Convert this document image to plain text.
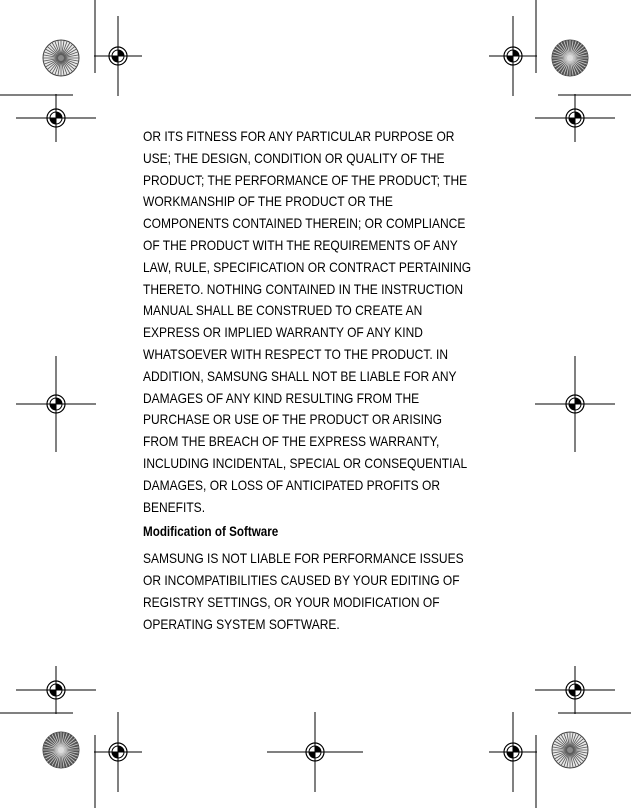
OR ITS FITNESS FOR ANY PARTICULAR PURPOSE OR
USE; THE DESIGN, CONDITION OR QUALITY OF THE
PRODUCT; THE PERFORMANCE OF THE PRODUCT; THE
WORKMANSHIP OF THE PRODUCT OR THE
COMPONENTS CONTAINED THEREIN; OR COMPLIANCE
OF THE PRODUCT WITH THE REQUIREMENTS OF ANY
LAW, RULE, SPECIFICATION OR CONTRACT PERTAINING
THERETO. NOTHING CONTAINED IN THE INSTRUCTION
MANUAL SHALL BE CONSTRUED TO CREATE AN
EXPRESS OR IMPLIED WARRANTY OF ANY KIND
WHATSOEVER WITH RESPECT TO THE PRODUCT. IN
ADDITION, SAMSUNG SHALL NOT BE LIABLE FOR ANY
DAMAGES OF ANY KIND RESULTING FROM THE
PURCHASE OR USE OF THE PRODUCT OR ARISING
FROM THE BREACH OF THE EXPRESS WARRANTY,
INCLUDING INCIDENTAL, SPECIAL OR CONSEQUENTIAL
DAMAGES, OR LOSS OF ANTICIPATED PROFITS OR
BENEFITS.

Modification of Software

SAMSUNG IS NOT LIABLE FOR PERFORMANCE ISSUES
OR INCOMPATIBILITIES CAUSED BY YOUR EDITING OF
REGISTRY SETTINGS, OR YOUR MODIFICATION OF
OPERATING SYSTEM SOFTWARE.
